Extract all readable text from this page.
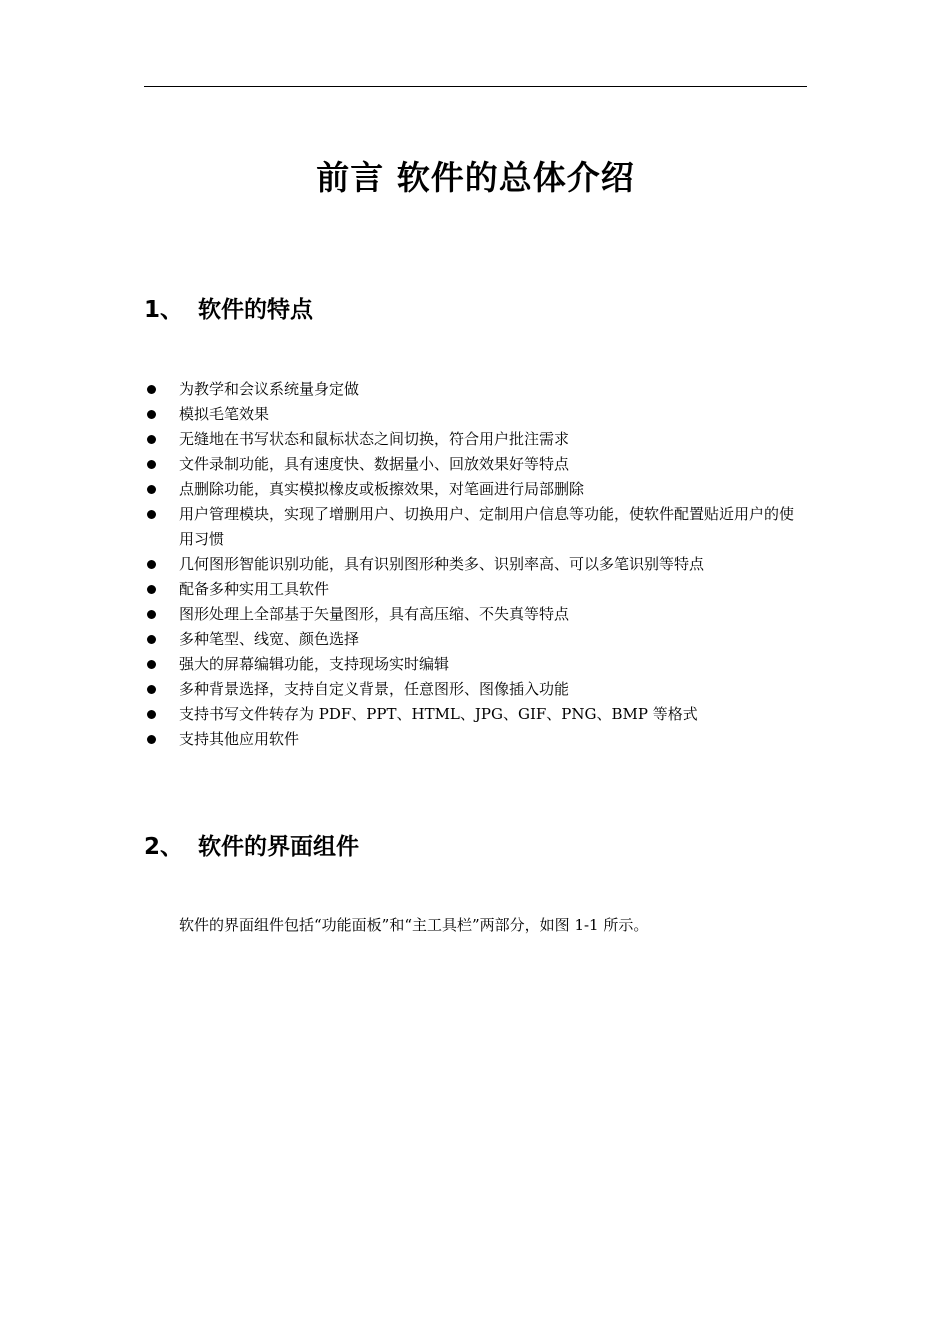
前言 软件的总体介绍
1、 软件的特点
为教学和会议系统量身定做
模拟毛笔效果
无缝地在书写状态和鼠标状态之间切换，符合用户批注需求
文件录制功能，具有速度快、数据量小、回放效果好等特点
点删除功能，真实模拟橡皮或板擦效果，对笔画进行局部删除
用户管理模块，实现了增删用户、切换用户、定制用户信息等功能，使软件配置贴近用户的使用习惯
几何图形智能识别功能，具有识别图形种类多、识别率高、可以多笔识别等特点
配备多种实用工具软件
图形处理上全部基于矢量图形，具有高压缩、不失真等特点
多种笔型、线宽、颜色选择
强大的屏幕编辑功能，支持现场实时编辑
多种背景选择，支持自定义背景，任意图形、图像插入功能
支持书写文件转存为 PDF、PPT、HTML、JPG、GIF、PNG、BMP 等格式
支持其他应用软件
2、 软件的界面组件

软件的界面组件包括“功能面板”和“主工具栏”两部分，如图 1-1 所示。
